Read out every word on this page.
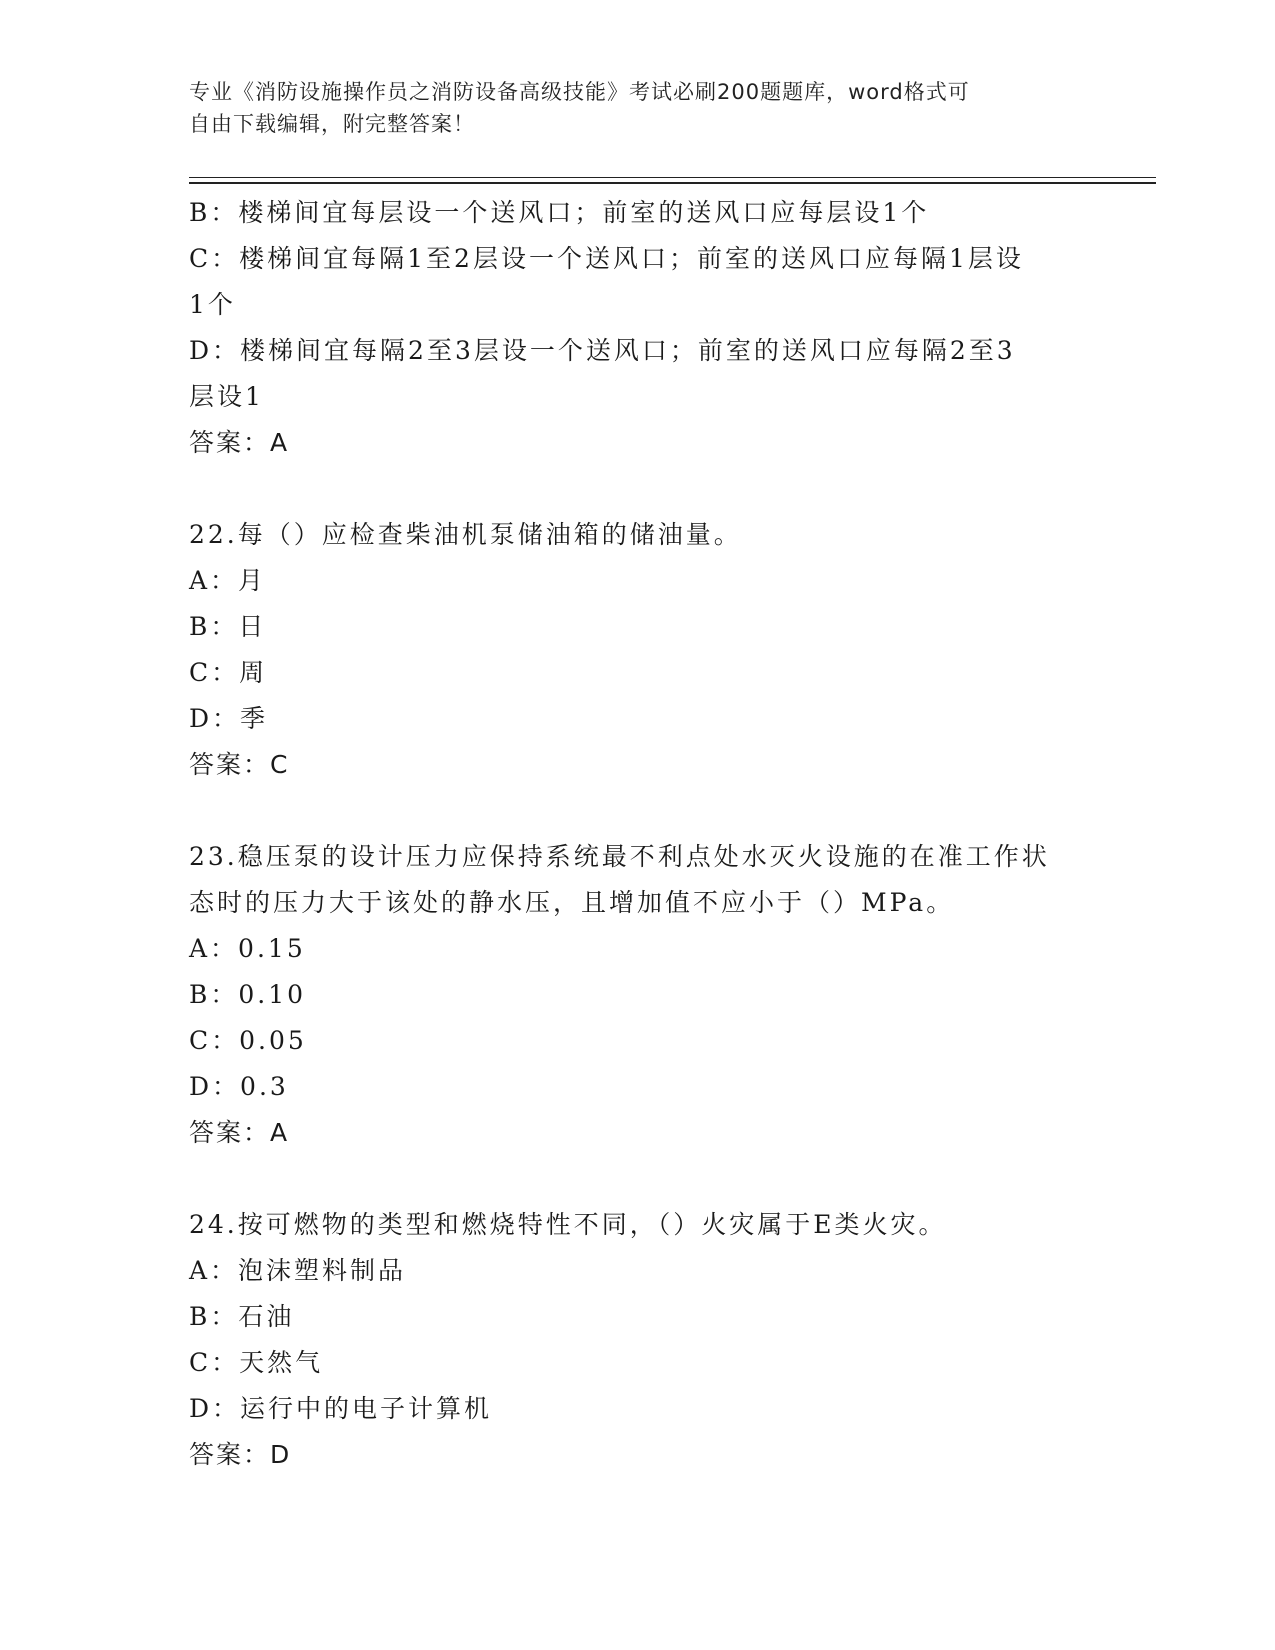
专业《消防设施操作员之消防设备高级技能》考试必刷200题题库，word格式可
自由下载编辑，附完整答案！
B：楼梯间宜每层设一个送风口；前室的送风口应每层设1个
C：楼梯间宜每隔1至2层设一个送风口；前室的送风口应每隔1层设
1个
D：楼梯间宜每隔2至3层设一个送风口；前室的送风口应每隔2至3
层设1
答案：A
22.每（）应检查柴油机泵储油箱的储油量。
A：月
B：日
C：周
D：季
答案：C
23.稳压泵的设计压力应保持系统最不利点处水灭火设施的在准工作状
态时的压力大于该处的静水压，且增加值不应小于（）MPa。
A：0.15
B：0.10
C：0.05
D：0.3
答案：A
24.按可燃物的类型和燃烧特性不同，（）火灾属于E类火灾。
A：泡沫塑料制品
B：石油
C：天然气
D：运行中的电子计算机
答案：D
